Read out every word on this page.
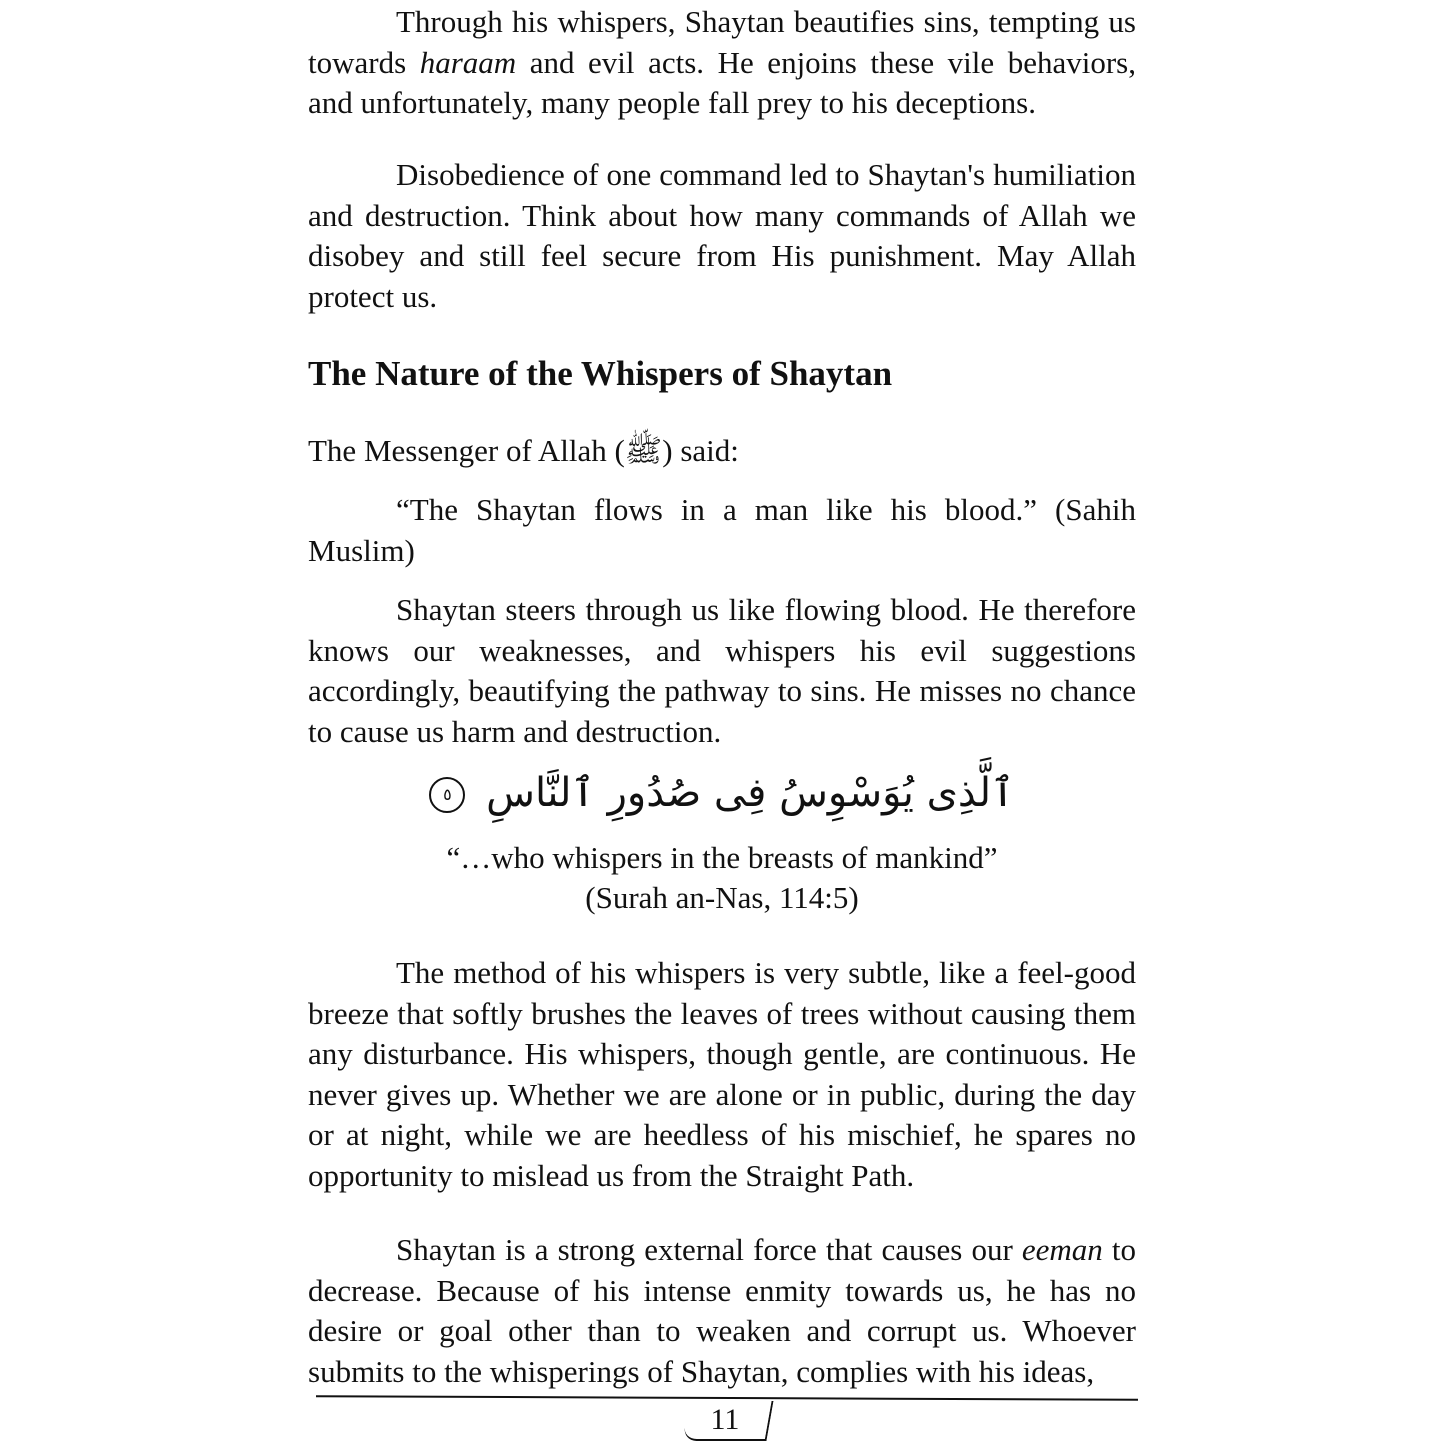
Through his whispers, Shaytan beautifies sins, tempting us towards haraam and evil acts. He enjoins these vile behaviors, and unfortunately, many people fall prey to his deceptions.

Disobedience of one command led to Shaytan's humiliation and destruction. Think about how many commands of Allah we disobey and still feel secure from His punishment. May Allah protect us.

The Nature of the Whispers of Shaytan

The Messenger of Allah (ﷺ) said:

“The Shaytan flows in a man like his blood.” (Sahih Muslim)

Shaytan steers through us like flowing blood. He therefore knows our weaknesses, and whispers his evil suggestions accordingly, beautifying the pathway to sins. He misses no chance to cause us harm and destruction.

ٱلَّذِى يُوَسْوِسُ فِى صُدُورِ ٱلنَّاسِ ٥

“…who whispers in the breasts of mankind”

(Surah an-Nas, 114:5)

The method of his whispers is very subtle, like a feel-good breeze that softly brushes the leaves of trees without causing them any disturbance. His whispers, though gentle, are continuous. He never gives up. Whether we are alone or in public, during the day or at night, while we are heedless of his mischief, he spares no opportunity to mislead us from the Straight Path.

Shaytan is a strong external force that causes our eeman to decrease. Because of his intense enmity towards us, he has no desire or goal other than to weaken and corrupt us. Whoever submits to the whisperings of Shaytan, complies with his ideas,

11
